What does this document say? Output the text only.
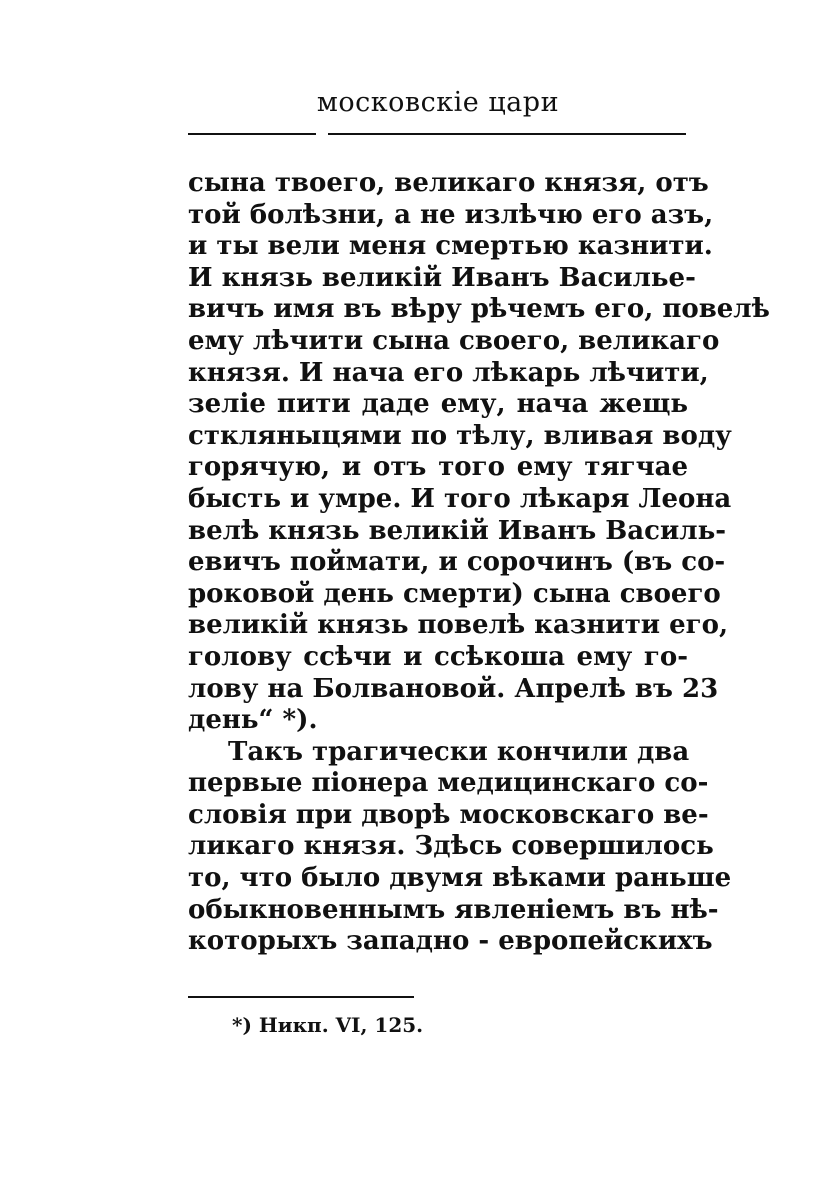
московскіе цари
сына твоего, великаго князя, отъ
той болѣзни, а не излѣчю его азъ,
и ты вели меня смертью казнити.
И князь великій Иванъ Василье-
вичъ имя въ вѣру рѣчемъ его, повелѣ
ему лѣчити сына своего, великаго
князя. И нача его лѣкарь лѣчити,
зеліе пити даде ему, нача жещь
сткляныцями по тѣлу, вливая воду
горячую, и отъ того ему тягчае
бысть и умре. И того лѣкаря Леона
велѣ князь великій Иванъ Василь-
евичъ поймати, и сорочинъ (въ со-
роковой день смерти) сына своего
великій князь повелѣ казнити его,
голову ссѣчи и ссѣкоша ему го-
лову на Болвановой. Апрелѣ въ 23
день“ *).
Такъ трагически кончили два
первые піонера медицинскаго со-
словія при дворѣ московскаго ве-
ликаго князя. Здѣсь совершилось
то, что было двумя вѣками раньше
обыкновеннымъ явленіемъ въ нѣ-
которыхъ западно - европейскихъ
*) Никп. VI, 125.
